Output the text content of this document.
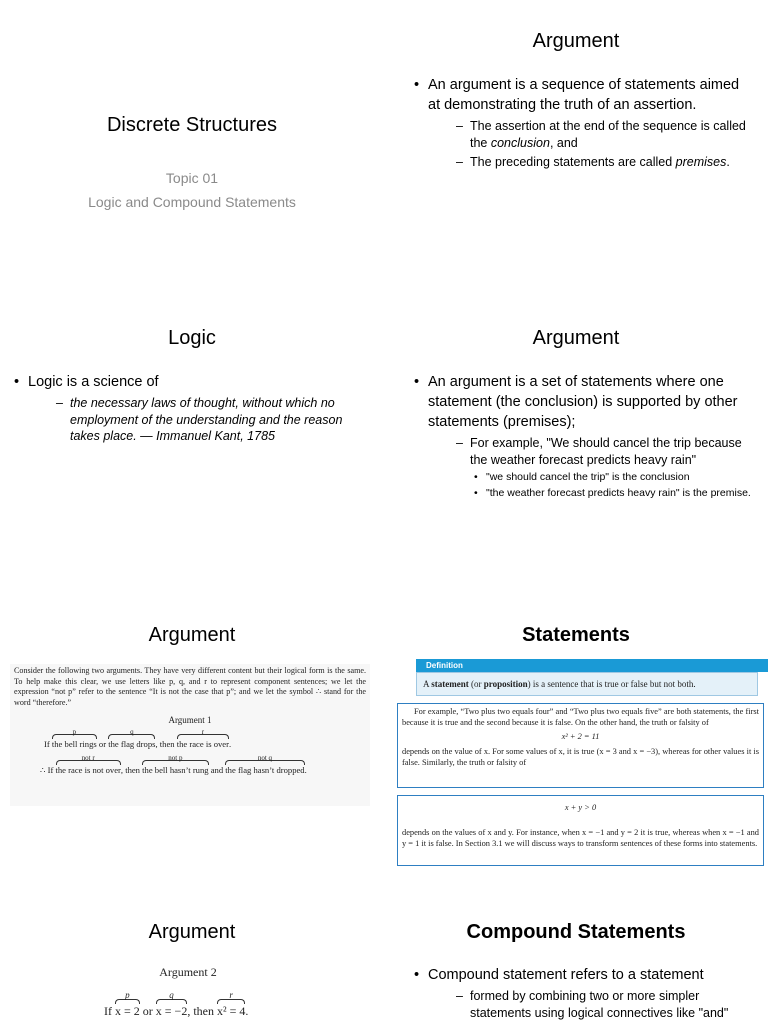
Discrete Structures
Topic 01
Logic and Compound Statements
Argument
• An argument is a sequence of statements aimed at demonstrating the truth of an assertion.
– The assertion at the end of the sequence is called the conclusion, and
– The preceding statements are called premises.
Logic
• Logic is a science of
– the necessary laws of thought, without which no employment of the understanding and the reason takes place. — Immanuel Kant, 1785
Argument
• An argument is a set of statements where one statement (the conclusion) is supported by other statements (premises);
– For example, "We should cancel the trip because the weather forecast predicts heavy rain"
• "we should cancel the trip" is the conclusion
• "the weather forecast predicts heavy rain" is the premise.
Argument
Consider the following two arguments. They have very different content but their logical form is the same. To help make this clear, we use letters like p, q, and r to represent component sentences; we let the expression “not p” refer to the sentence “It is not the case that p”; and we let the symbol ∴ stand for the word “therefore.”
Argument 1
If
p
the bell rings or
q
the flag drops, then
r
the race is over.
∴ If
not r
the race is not over, then
not p
the bell hasn’t rung and
not q
the flag hasn’t dropped.
Statements
Definition
A statement (or proposition) is a sentence that is true or false but not both.
For example, “Two plus two equals four” and “Two plus two equals five” are both statements, the first because it is true and the second because it is false. On the other hand, the truth or falsity of
x² + 2 = 11
depends on the value of x. For some values of x, it is true (x = 3 and x = −3), whereas for other values it is false. Similarly, the truth or falsity of
x + y > 0
depends on the values of x and y. For instance, when x = −1 and y = 2 it is true, whereas when x = −1 and y = 1 it is false. In Section 3.1 we will discuss ways to transform sentences of these forms into statements.
Argument
Argument 2
If
p
x = 2 or
q
x = −2, then
r
x² = 4.
Compound Statements
• Compound statement refers to a statement
– formed by combining two or more simpler statements using logical connectives like "and"
